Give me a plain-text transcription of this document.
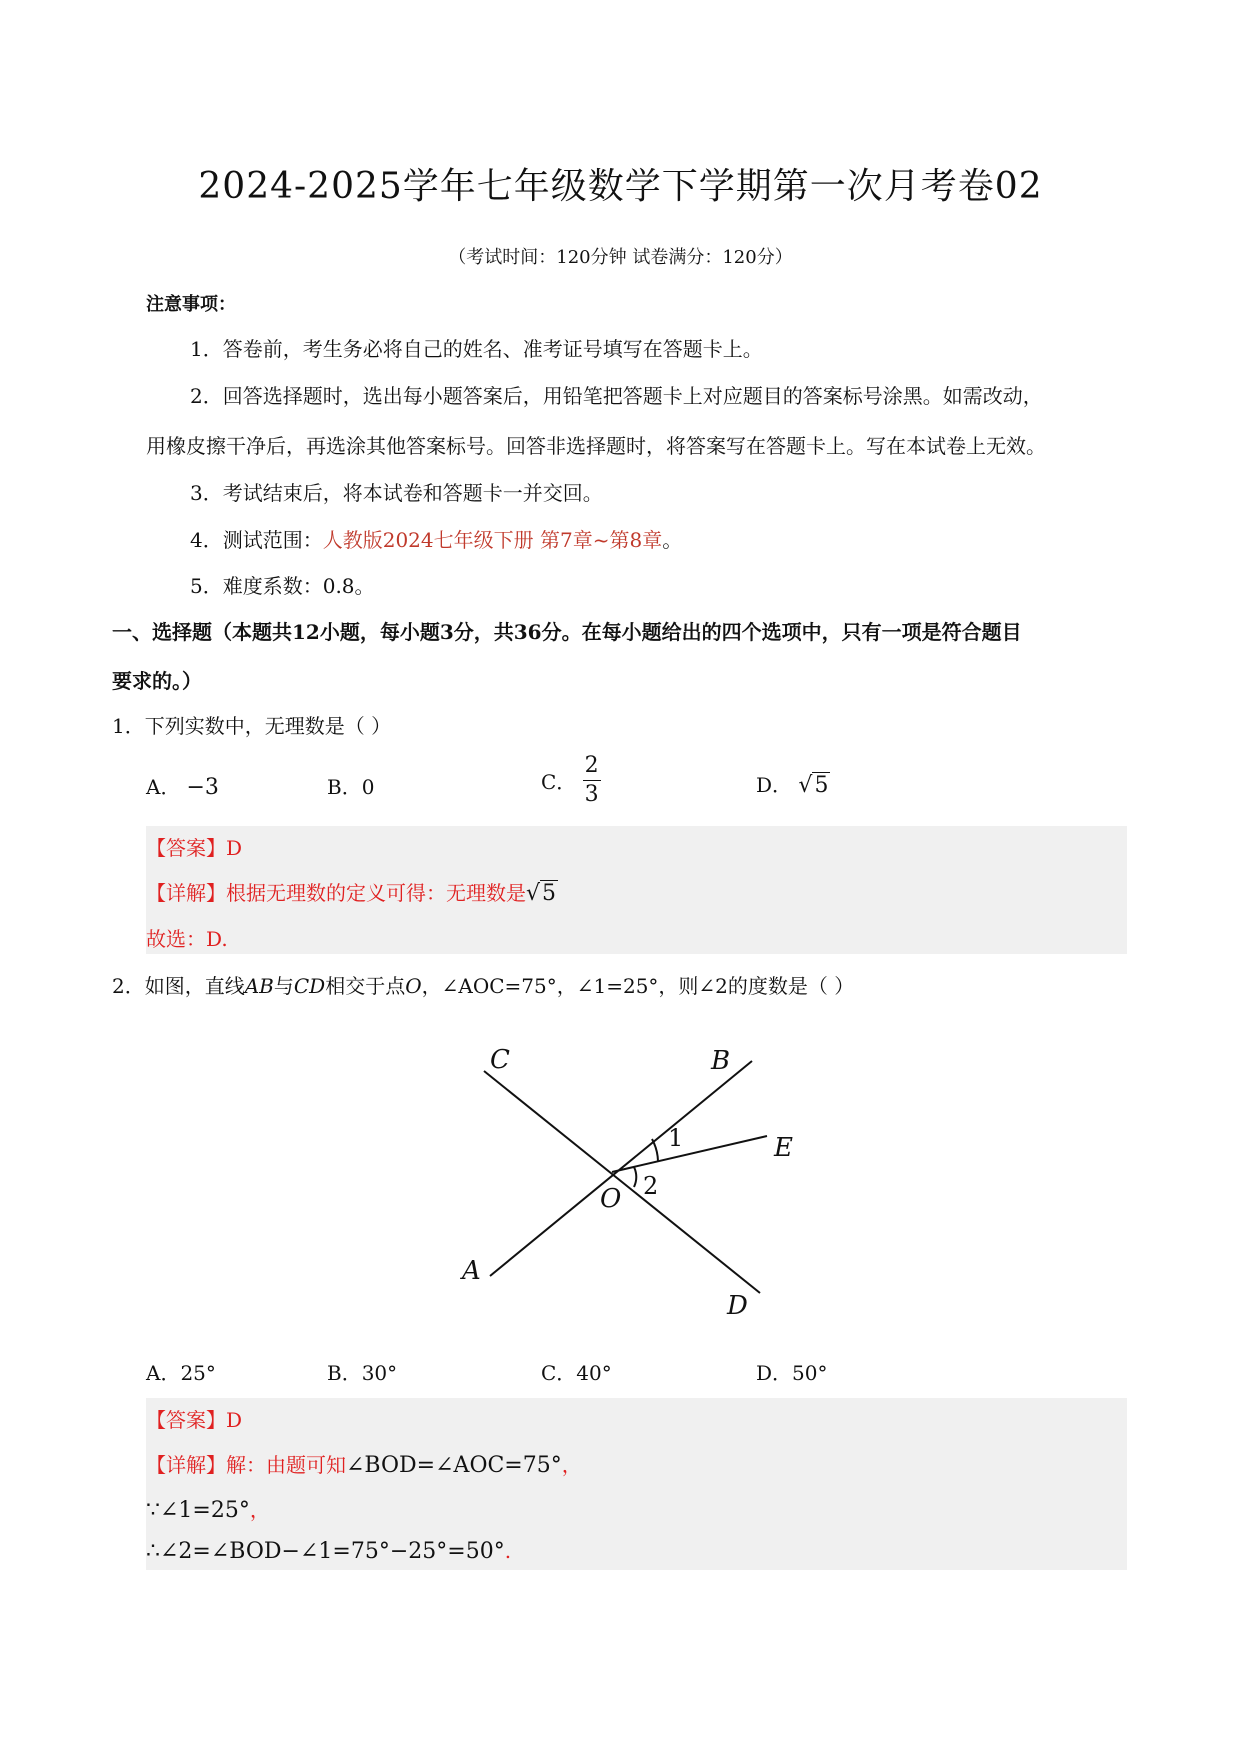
2024-2025学年七年级数学下学期第一次月考卷02
（考试时间：120分钟 试卷满分：120分）
注意事项：
1．答卷前，考生务必将自己的姓名、准考证号填写在答题卡上。
2．回答选择题时，选出每小题答案后，用铅笔把答题卡上对应题目的答案标号涂黑。如需改动，
用橡皮擦干净后，再选涂其他答案标号。回答非选择题时，将答案写在答题卡上。写在本试卷上无效。
3．考试结束后，将本试卷和答题卡一并交回。
4．测试范围：人教版2024七年级下册 第7章~第8章。
5．难度系数：0.8。
一、选择题（本题共12小题，每小题3分，共36分。在每小题给出的四个选项中，只有一项是符合题目
要求的。）
1．下列实数中，无理数是（ ）
A． −3	B．0	C． $\frac{2}{3}$	D． √5
【答案】D
【详解】根据无理数的定义可得：无理数是√5
故选：D.
2．如图，直线AB与CD相交于点O，∠AOC=75°，∠1=25°，则∠2的度数是（ ）
C	B
E
O
A
D
1
2
A．25°	B．30°	C．40°	D．50°
【答案】D
【详解】解：由题可知∠BOD=∠AOC=75°，
∵∠1=25°，
∴∠2=∠BOD−∠1=75°−25°=50°.
